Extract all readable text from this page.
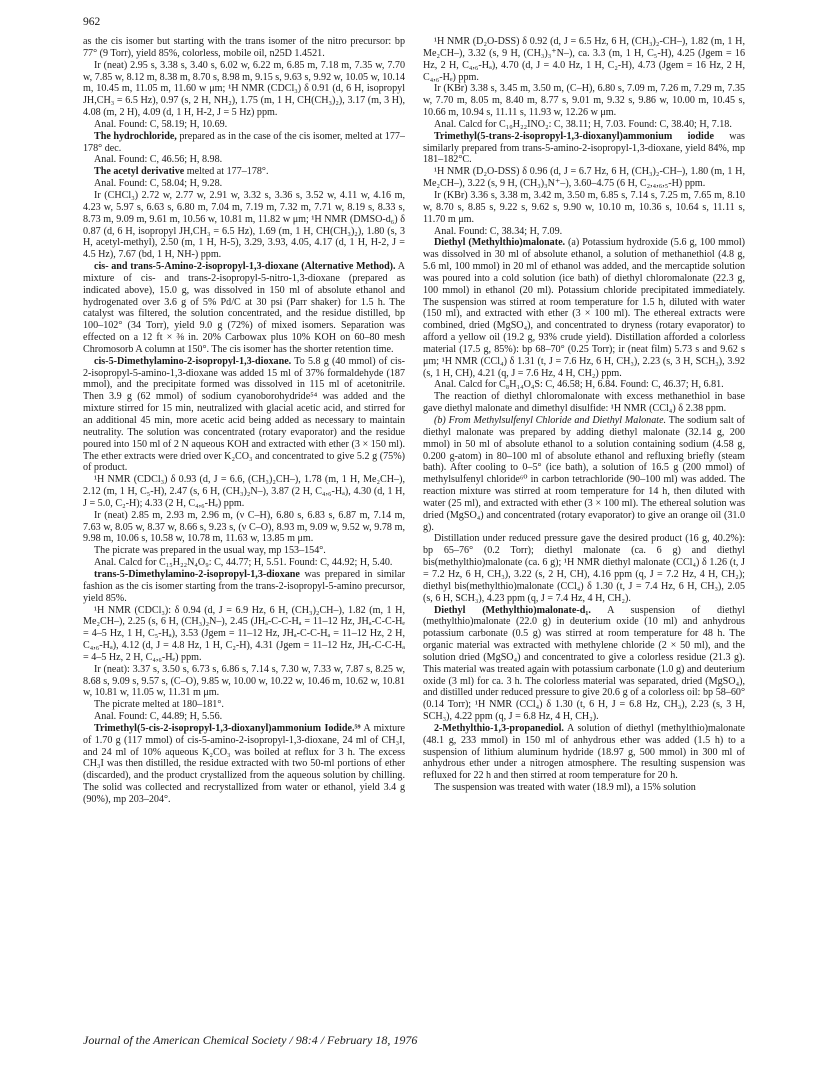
962

as the cis isomer but starting with the trans isomer of the nitro precursor: bp 77° (9 Torr), yield 85%, colorless, mobile oil, n25D 1.4521.

Ir (neat) 2.95 s, 3.38 s, 3.40 s, 6.02 w, 6.22 m, 6.85 m, 7.18 m, 7.35 w, 7.70 w, 7.85 w, 8.12 m, 8.38 m, 8.70 s, 8.98 m, 9.15 s, 9.63 s, 9.92 w, 10.05 w, 10.14 m, 10.45 m, 11.05 m, 11.60 w μm; ¹H NMR (CDCl₃) δ 0.91 (d, 6 H, isopropyl JH,CH₃ = 6.5 Hz), 0.97 (s, 2 H, NH₂), 1.75 (m, 1 H, CH(CH₃)₂), 3.17 (m, 3 H), 4.08 (m, 2 H), 4.09 (d, 1 H, H-2, J = 5 Hz) ppm.

Anal. Found: C, 58.19; H, 10.69.

The hydrochloride, prepared as in the case of the cis isomer, melted at 177–178° dec.

Anal. Found: C, 46.56; H, 8.98.

The acetyl derivative melted at 177–178°.

Anal. Found: C, 58.04; H, 9.28.

Ir (CHCl₃) 2.72 w, 2.77 w, 2.91 w, 3.32 s, 3.36 s, 3.52 w, 4.11 w, 4.16 m, 4.23 w, 5.97 s, 6.63 s, 6.80 m, 7.04 m, 7.19 m, 7.32 m, 7.71 w, 8.19 s, 8.33 s, 8.73 m, 9.09 m, 9.61 m, 10.56 w, 10.81 m, 11.82 w μm; ¹H NMR (DMSO-d₆) δ 0.87 (d, 6 H, isopropyl JH,CH₃ = 6.5 Hz), 1.69 (m, 1 H, CH(CH₃)₂), 1.80 (s, 3 H, acetyl-methyl), 2.50 (m, 1 H, H-5), 3.29, 3.93, 4.05, 4.17 (d, 1 H, H-2, J = 4.5 Hz), 7.67 (bd, 1 H, NH-) ppm.

cis- and trans-5-Amino-2-isopropyl-1,3-dioxane (Alternative Method). A mixture of cis- and trans-2-isopropyl-5-nitro-1,3-dioxane (prepared as indicated above), 15.0 g, was dissolved in 150 ml of absolute ethanol and hydrogenated over 3.6 g of 5% Pd/C at 30 psi (Parr shaker) for 1.5 h. The catalyst was filtered, the solution concentrated, and the residue distilled, bp 100–102° (34 Torr), yield 9.0 g (72%) of mixed isomers. Separation was effected on a 12 ft × ⅜ in. 20% Carbowax plus 10% KOH on 60–80 mesh Chromosorb A column at 150°. The cis isomer has the shorter retention time.

cis-5-Dimethylamino-2-isopropyl-1,3-dioxane. To 5.8 g (40 mmol) of cis-2-isopropyl-5-amino-1,3-dioxane was added 15 ml of 37% formaldehyde (187 mmol), and the precipitate formed was dissolved in 115 ml of acetonitrile. Then 3.9 g (62 mmol) of sodium cyanoborohydride⁵⁴ was added and the mixture stirred for 15 min, neutralized with glacial acetic acid, and stirred for an additional 45 min, more acetic acid being added as necessary to maintain neutrality. The solution was concentrated (rotary evaporator) and the residue poured into 150 ml of 2 N aqueous KOH and extracted with ether (3 × 150 ml). The ether extracts were dried over K₂CO₃ and concentrated to give 5.2 g (75%) of product.

¹H NMR (CDCl₃) δ 0.93 (d, J = 6.6, (CH₃)₂CH–), 1.78 (m, 1 H, Me₂CH–), 2.12 (m, 1 H, C₅-H), 2.47 (s, 6 H, (CH₃)₂N–), 3.87 (2 H, C₄,₆-Hₐ), 4.30 (d, 1 H, J = 5.0, C₂-H); 4.33 (2 H, C₄,₆-Hₑ) ppm.

Ir (neat) 2.85 m, 2.93 m, 2.96 m, (ν C–H), 6.80 s, 6.83 s, 6.87 m, 7.14 m, 7.63 w, 8.05 w, 8.37 w, 8.66 s, 9.23 s, (ν C–O), 8.93 m, 9.09 w, 9.52 w, 9.78 m, 9.98 m, 10.06 s, 10.58 w, 10.78 m, 11.63 w, 13.85 m μm.

The picrate was prepared in the usual way, mp 153–154°.

Anal. Calcd for C₁₅H₂₂N₄O₉: C, 44.77; H, 5.51. Found: C, 44.92; H, 5.40.

trans-5-Dimethylamino-2-isopropyl-1,3-dioxane was prepared in similar fashion as the cis isomer starting from the trans-2-isopropyl-5-amino precursor, yield 85%.

¹H NMR (CDCl₃): δ 0.94 (d, J = 6.9 Hz, 6 H, (CH₃)₂CH–), 1.82 (m, 1 H, Me₂CH–), 2.25 (s, 6 H, (CH₃)₂N–), 2.45 (JHₐ-C-C-Hₐ = 11–12 Hz, JHₐ-C-C-Hₑ = 4–5 Hz, 1 H, C₅-Hₐ), 3.53 (Jgem = 11–12 Hz, JHₐ-C-C-Hₐ = 11–12 Hz, 2 H, C₄,₆-Hₐ), 4.12 (d, J = 4.8 Hz, 1 H, C₂-H), 4.31 (Jgem = 11–12 Hz, JHₑ-C-C-Hₐ = 4–5 Hz, 2 H, C₄,₆-Hₑ) ppm.

Ir (neat): 3.37 s, 3.50 s, 6.73 s, 6.86 s, 7.14 s, 7.30 w, 7.33 w, 7.87 s, 8.25 w, 8.68 s, 9.09 s, 9.57 s, (C–O), 9.85 w, 10.00 w, 10.22 w, 10.46 m, 10.62 w, 10.81 w, 10.81 w, 11.05 w, 11.31 m μm.

The picrate melted at 180–181°.

Anal. Found: C, 44.89; H, 5.56.

Trimethyl(5-cis-2-isopropyl-1,3-dioxanyl)ammonium Iodide.⁵⁹ A mixture of 1.70 g (117 mmol) of cis-5-amino-2-isopropyl-1,3-dioxane, 24 ml of CH₃I, and 24 ml of 10% aqueous K₂CO₃ was boiled at reflux for 3 h. The excess CH₃I was then distilled, the residue extracted with two 50-ml portions of ether (discarded), and the product crystallized from the aqueous solution by chilling. The solid was collected and recrystallized from water or ethanol, yield 3.4 g (90%), mp 203–204°.

¹H NMR (D₂O-DSS) δ 0.92 (d, J = 6.5 Hz, 6 H, (CH₃)₂-CH–), 1.82 (m, 1 H, Me₂CH–), 3.32 (s, 9 H, (CH₃)₃⁺N–), ca. 3.3 (m, 1 H, C₅-H), 4.25 (Jgem = 16 Hz, 2 H, C₄,₆-Hₐ), 4.70 (d, J = 4.0 Hz, 1 H, C₂-H), 4.73 (Jgem = 16 Hz, 2 H, C₄,₆-Hₑ) ppm.

Ir (KBr) 3.38 s, 3.45 m, 3.50 m, (C–H), 6.80 s, 7.09 m, 7.26 m, 7.29 m, 7.35 w, 7.70 m, 8.05 m, 8.40 m, 8.77 s, 9.01 m, 9.32 s, 9.86 w, 10.00 m, 10.45 s, 10.66 m, 10.94 s, 11.11 s, 11.93 w, 12.26 w μm.

Anal. Calcd for C₁₀H₂₂INO₂: C, 38.11; H, 7.03. Found: C, 38.40; H, 7.18.

Trimethyl(5-trans-2-isopropyl-1,3-dioxanyl)ammonium iodide was similarly prepared from trans-5-amino-2-isopropyl-1,3-dioxane, yield 84%, mp 181–182°C.

¹H NMR (D₂O-DSS) δ 0.96 (d, J = 6.7 Hz, 6 H, (CH₃)₂-CH–), 1.80 (m, 1 H, Me₂CH–), 3.22 (s, 9 H, (CH₃)₃N⁺–), 3.60–4.75 (6 H, C₂,₄,₆,₅-H) ppm.

Ir (KBr) 3.36 s, 3.38 m, 3.42 m, 3.50 m, 6.85 s, 7.14 s, 7.25 m, 7.65 m, 8.10 w, 8.70 s, 8.85 s, 9.22 s, 9.62 s, 9.90 w, 10.10 m, 10.36 s, 10.64 s, 11.11 s, 11.70 m μm.

Anal. Found: C, 38.34; H, 7.09.

Diethyl (Methylthio)malonate. (a) Potassium hydroxide (5.6 g, 100 mmol) was dissolved in 30 ml of absolute ethanol, a solution of methanethiol (4.8 g, 5.6 ml, 100 mmol) in 20 ml of ethanol was added, and the mercaptide solution was poured into a cold solution (ice bath) of diethyl chloromalonate (22.3 g, 100 mmol) in ethanol (20 ml). Potassium chloride precipitated immediately. The suspension was stirred at room temperature for 1.5 h, diluted with water (150 ml), and extracted with ether (3 × 100 ml). The ethereal extracts were combined, dried (MgSO₄), and concentrated to dryness (rotary evaporator) to afford a yellow oil (19.2 g, 93% crude yield). Distillation afforded a colorless material (17.5 g, 85%): bp 68–70° (0.25 Torr); ir (neat film) 5.73 s and 9.62 s μm; ¹H NMR (CCl₄) δ 1.31 (t, J = 7.6 Hz, 6 H, CH₃), 2.23 (s, 3 H, SCH₃), 3.92 (s, 1 H, CH), 4.21 (q, J = 7.6 Hz, 4 H, CH₂) ppm.

Anal. Calcd for C₈H₁₄O₄S: C, 46.58; H, 6.84. Found: C, 46.37; H, 6.81.

The reaction of diethyl chloromalonate with excess methanethiol in base gave diethyl malonate and dimethyl disulfide: ¹H NMR (CCl₄) δ 2.38 ppm.

(b) From Methylsulfenyl Chloride and Diethyl Malonate. The sodium salt of diethyl malonate was prepared by adding diethyl malonate (32.14 g, 200 mmol) in 50 ml of absolute ethanol to a solution containing sodium (4.58 g, 0.200 g-atom) in 80–100 ml of absolute ethanol and refluxing briefly (steam bath). After cooling to 0–5° (ice bath), a solution of 16.5 g (200 mmol) of methylsulfenyl chloride⁶⁰ in carbon tetrachloride (90–100 ml) was added. The reaction mixture was stirred at room temperature for 14 h, then diluted with water (25 ml), and extracted with ether (3 × 100 ml). The ethereal solution was dried (MgSO₄) and concentrated (rotary evaporator) to give an orange oil (31.0 g).

Distillation under reduced pressure gave the desired product (16 g, 40.2%): bp 65–76° (0.2 Torr); diethyl malonate (ca. 6 g) and diethyl bis(methylthio)malonate (ca. 6 g); ¹H NMR diethyl malonate (CCl₄) δ 1.26 (t, J = 7.2 Hz, 6 H, CH₃), 3.22 (s, 2 H, CH), 4.16 ppm (q, J = 7.2 Hz, 4 H, CH₂); diethyl bis(methylthio)malonate (CCl₄) δ 1.30 (t, J = 7.4 Hz, 6 H, CH₃), 2.05 (s, 6 H, SCH₃), 4.23 ppm (q, J = 7.4 Hz, 4 H, CH₂).

Diethyl (Methylthio)malonate-d₁. A suspension of diethyl (methylthio)malonate (22.0 g) in deuterium oxide (10 ml) and anhydrous potassium carbonate (0.5 g) was stirred at room temperature for 48 h. The organic material was extracted with methylene chloride (2 × 50 ml), and the solution dried (MgSO₄) and concentrated to give a colorless residue (21.3 g). This material was treated again with potassium carbonate (1.0 g) and deuterium oxide (3 ml) for ca. 3 h. The colorless material was separated, dried (MgSO₄), and distilled under reduced pressure to give 20.6 g of a colorless oil: bp 58–60° (0.14 Torr); ¹H NMR (CCl₄) δ 1.30 (t, 6 H, J = 6.8 Hz, CH₃), 2.23 (s, 3 H, SCH₃), 4.22 ppm (q, J = 6.8 Hz, 4 H, CH₂).

2-Methylthio-1,3-propanediol. A solution of diethyl (methylthio)malonate (48.1 g, 233 mmol) in 150 ml of anhydrous ether was added (1.5 h) to a suspension of lithium aluminum hydride (18.97 g, 500 mmol) in 300 ml of anhydrous ether under a nitrogen atmosphere. The resulting suspension was refluxed for 22 h and then stirred at room temperature for 20 h.

The suspension was treated with water (18.9 ml), a 15% solution

Journal of the American Chemical Society / 98:4 / February 18, 1976
